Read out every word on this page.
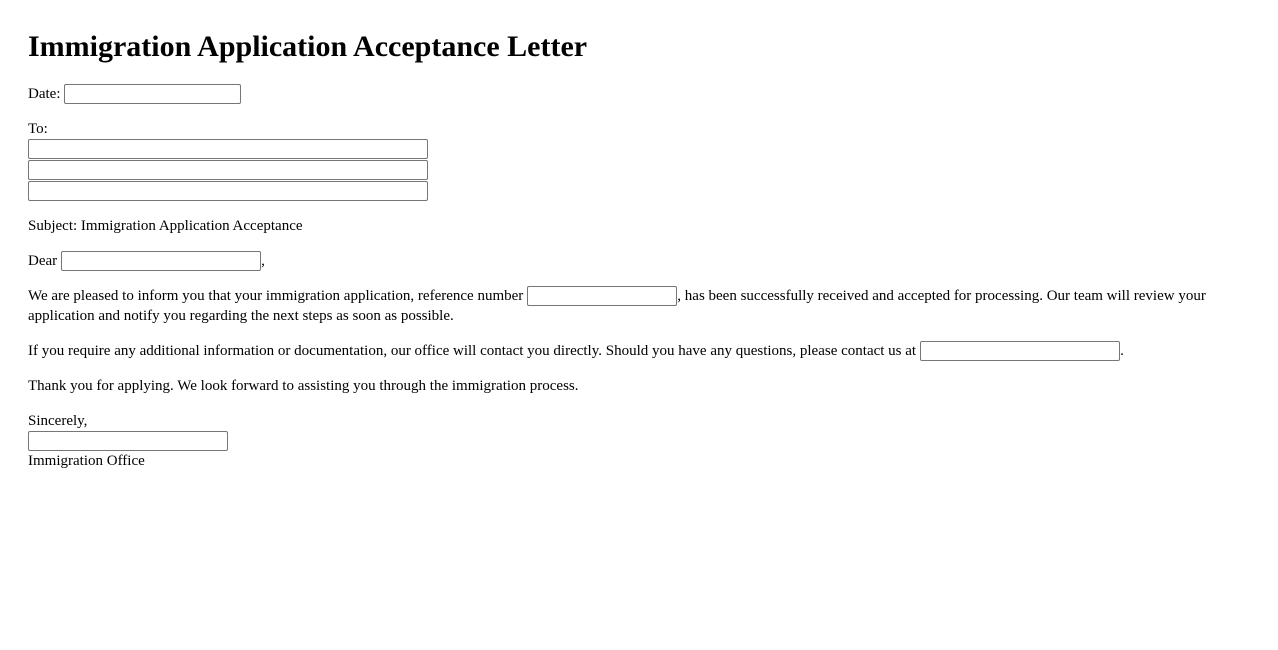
Immigration Application Acceptance Letter

Date:

To:

Subject: Immigration Application Acceptance

Dear	,

We are pleased to inform you that your immigration application, reference number	, has been successfully received and accepted for processing. Our team will review your application and notify you regarding the next steps as soon as possible.

If you require any additional information or documentation, our office will contact you directly. Should you have any questions, please contact us at	.

Thank you for applying. We look forward to assisting you through the immigration process.

Sincerely,
Immigration Office
